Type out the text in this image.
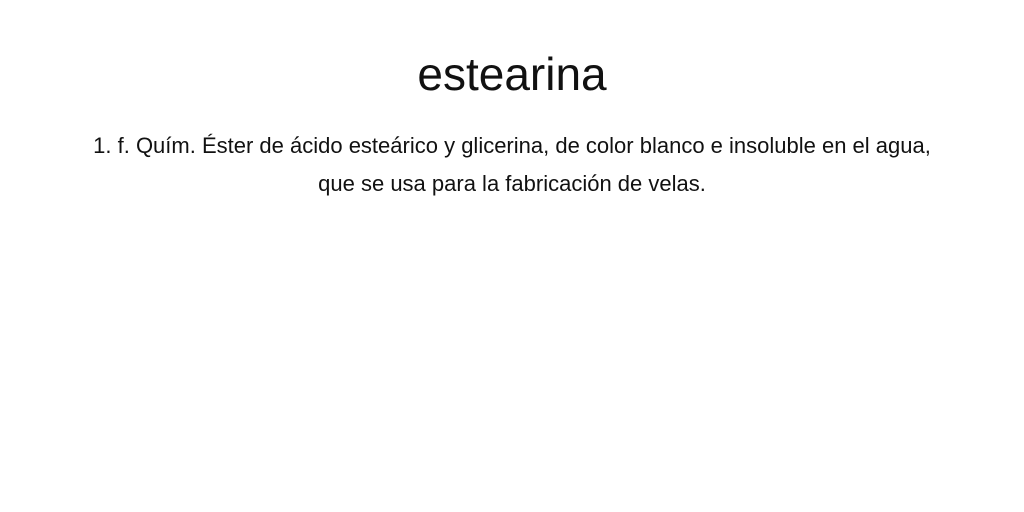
estearina

1. f. Quím. Éster de ácido esteárico y glicerina, de color blanco e insoluble en el agua, que se usa para la fabricación de velas.
